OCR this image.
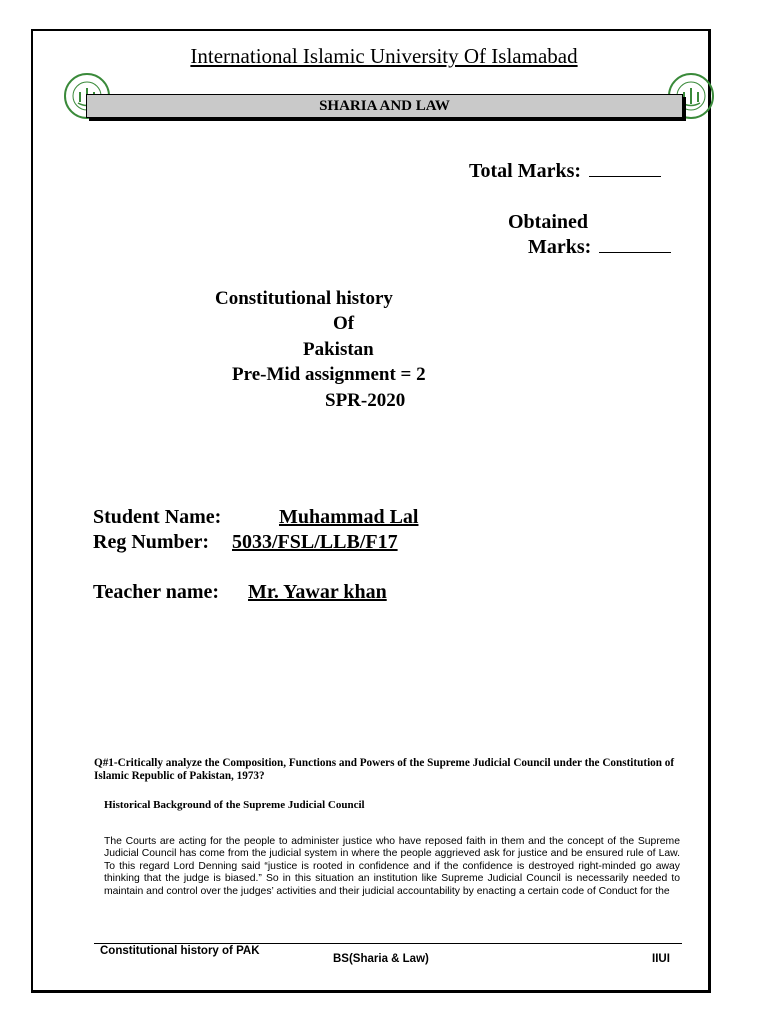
International Islamic University Of Islamabad
SHARIA AND LAW
Total Marks:
Obtained
Marks:
Constitutional history
Of
Pakistan
Pre-Mid assignment = 2
SPR-2020
Student Name:	Muhammad Lal
Reg Number: 5033/FSL/LLB/F17
Teacher name: Mr. Yawar khan
Q#1-Critically analyze the Composition, Functions and Powers of the Supreme Judicial Council under the Constitution of Islamic Republic of Pakistan, 1973?
Historical Background of the Supreme Judicial Council
The Courts are acting for the people to administer justice who have reposed faith in them and the concept of the Supreme Judicial Council has come from the judicial system in where the people aggrieved ask for justice and be ensured rule of Law. To this regard Lord Denning said “justice is rooted in confidence and if the confidence is destroyed right-minded go away thinking that the judge is biased.” So in this situation an institution like Supreme Judicial Council is necessarily needed to maintain and control over the judges’ activities and their judicial accountability by enacting a certain code of Conduct for the
Constitutional history of PAK
BS(Sharia & Law)	IIUI
